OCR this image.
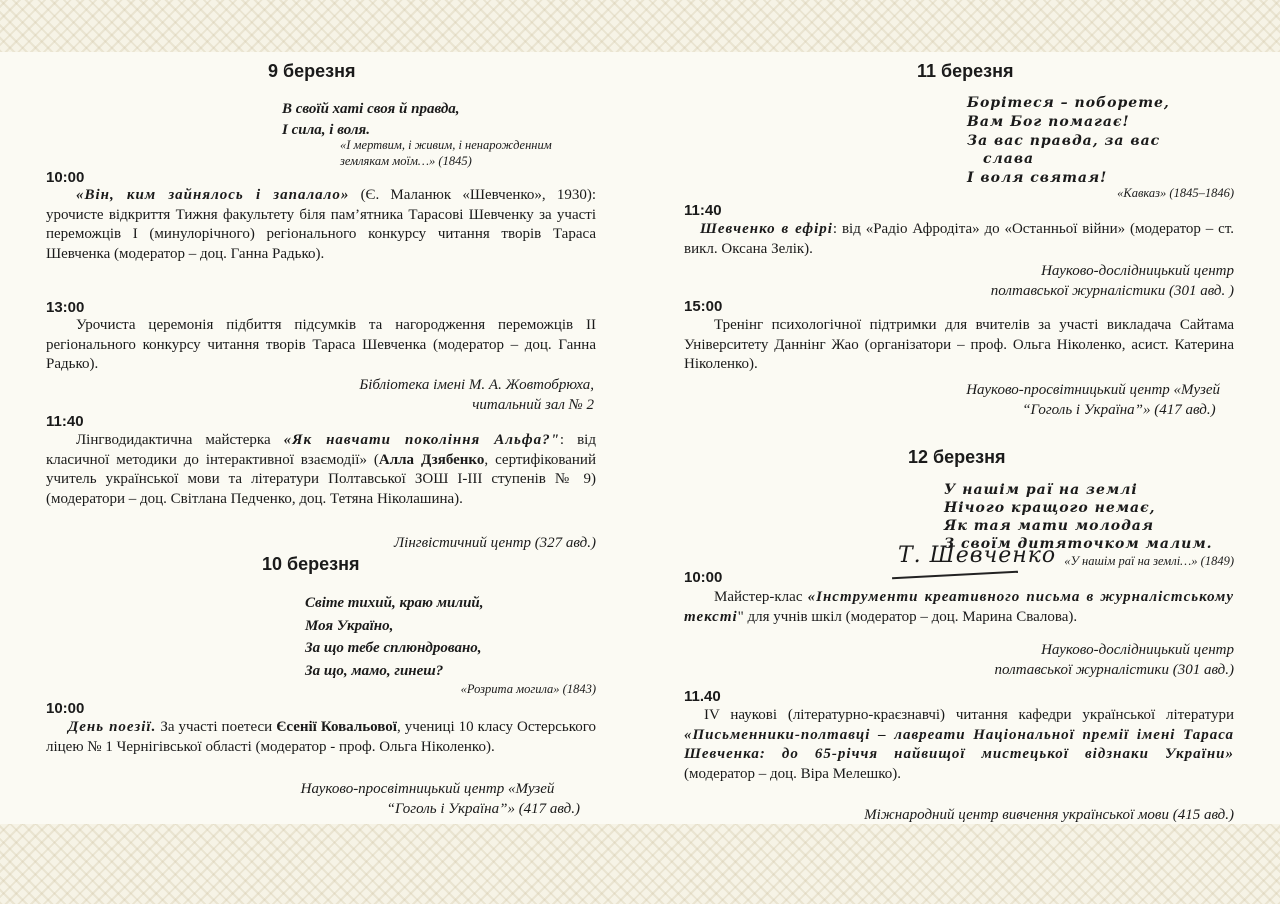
9 березня
В своїй хаті своя й правда,
І сила, і воля.
«І мертвим, і живим, і ненарожденним
землякам моїм…» (1845)
10:00
«Він, ким зайнялось і запалало» (Є. Маланюк «Шевченко», 1930): урочисте відкриття Тижня факультету біля пам’ятника Тарасові Шевченку за участі переможців І (минулорічного) регіонального конкурсу читання творів Тараса Шевченка (модератор – доц. Ганна Радько).
13:00
Урочиста церемонія підбиття підсумків та нагородження переможців ІІ регіонального конкурсу читання творів Тараса Шевченка (модератор – доц. Ганна Радько).
Бібліотека імені М. А. Жовтобрюха,
читальний зал № 2
11:40
Лінгводидактична майстерка «Як навчати покоління Альфа?": від класичної методики до інтерактивної взаємодії» (Алла Дзябенко, сертифікований учитель української мови та літератури Полтавської ЗОШ І-ІІІ ступенів № 9) (модератори – доц. Світлана Педченко, доц. Тетяна Ніколашина).
Лінгвістичний центр (327 авд.)
10 березня
Світе тихий, краю милий,
Моя Україно,
За що тебе сплюндровано,
За що, мамо, гинеш?
«Розрита могила» (1843)
10:00
День поезії. За участі поетеси Єсенії Ковальової, учениці 10 класу Остерського ліцею № 1 Чернігівської області (модератор - проф. Ольга Ніколенко).
Науково-просвітницький центр «Музей
“Гоголь і Україна”» (417 авд.)
11 березня
Борітеся – поборете,
Вам Бог помагає!
За вас правда, за вас
слава
І воля святая!
«Кавказ» (1845–1846)
11:40
Шевченко в ефірі: від «Радіо Афродіта» до «Останньої війни» (модератор – ст. викл. Оксана Зелік).
Науково-дослідницький центр
полтавської журналістики (301 авд. )
15:00
Тренінг психологічної підтримки для вчителів за участі викладача Сайтама Університету Даннінг Жао (організатори – проф. Ольга Ніколенко, асист. Катерина Ніколенко).
Науково-просвітницький центр «Музей
“Гоголь і Україна”» (417 авд.)
12 березня
У нашім раї на землі
Нічого кращого немає,
Як тая мати молодая
З своїм дитяточком малим.
Т. Шевченко «У нашім раї на землі…» (1849)
10:00
Майстер-клас «Інструменти креативного письма в журналістському тексті" для учнів шкіл (модератор – доц. Марина Свалова).
Науково-дослідницький центр
полтавської журналістики (301 авд.)
11.40
IV наукові (літературно-краєзнавчі) читання кафедри української літератури «Письменники-полтавці – лавреати Національної премії імені Тараса Шевченка: до 65-річчя найвищої мистецької відзнаки України» (модератор – доц. Віра Мелешко).
Міжнародний центр вивчення української мови (415 авд.)
